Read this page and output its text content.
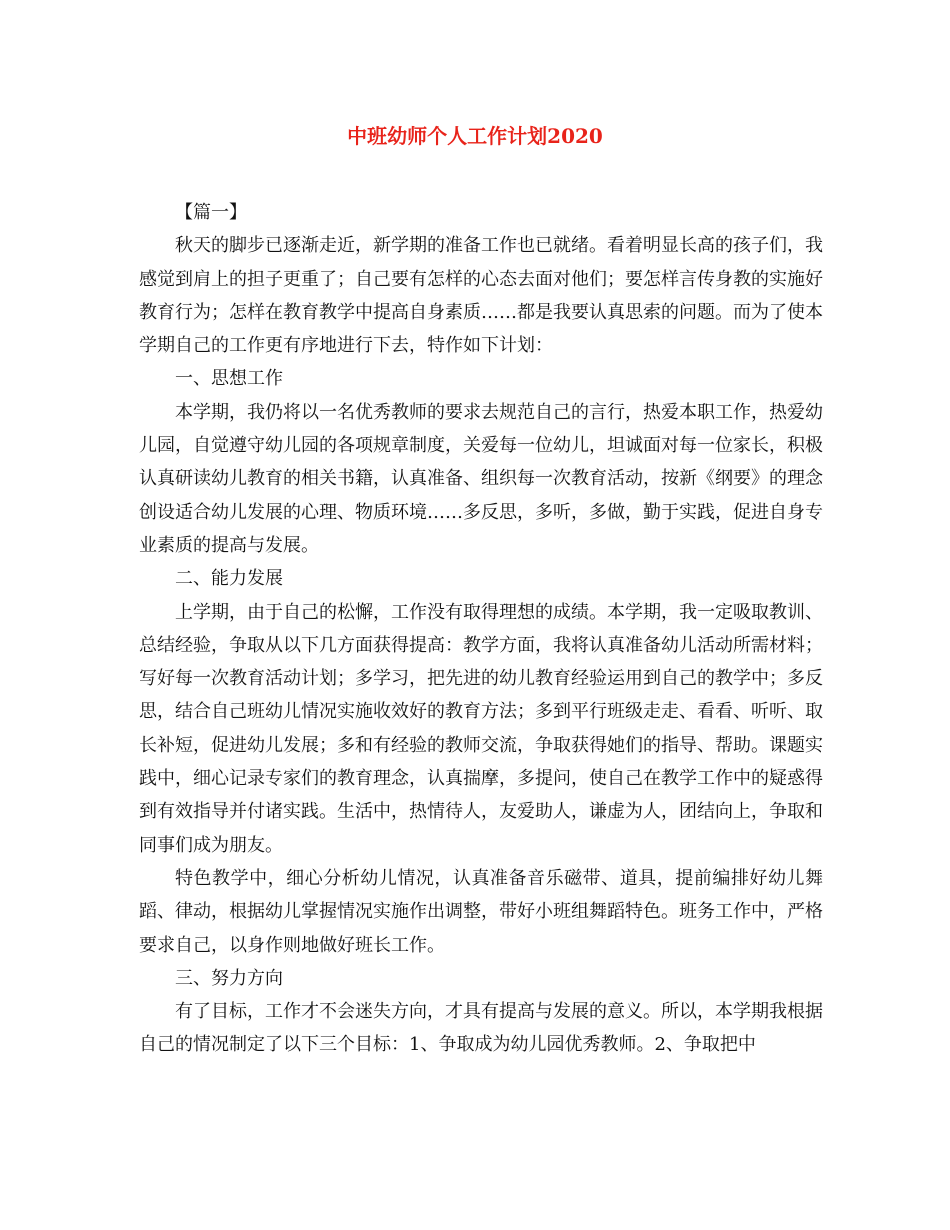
中班幼师个人工作计划2020

【篇一】

秋天的脚步已逐渐走近，新学期的准备工作也已就绪。看着明显长高的孩子们，我感觉到肩上的担子更重了；自己要有怎样的心态去面对他们；要怎样言传身教的实施好教育行为；怎样在教育教学中提高自身素质……都是我要认真思索的问题。而为了使本学期自己的工作更有序地进行下去，特作如下计划：

一、思想工作

本学期，我仍将以一名优秀教师的要求去规范自己的言行，热爱本职工作，热爱幼儿园，自觉遵守幼儿园的各项规章制度，关爱每一位幼儿，坦诚面对每一位家长，积极认真研读幼儿教育的相关书籍，认真准备、组织每一次教育活动，按新《纲要》的理念创设适合幼儿发展的心理、物质环境……多反思，多听，多做，勤于实践，促进自身专业素质的提高与发展。

二、能力发展

上学期，由于自己的松懈，工作没有取得理想的成绩。本学期，我一定吸取教训、总结经验，争取从以下几方面获得提高：教学方面，我将认真准备幼儿活动所需材料；写好每一次教育活动计划；多学习，把先进的幼儿教育经验运用到自己的教学中；多反思，结合自己班幼儿情况实施收效好的教育方法；多到平行班级走走、看看、听听、取长补短，促进幼儿发展；多和有经验的教师交流，争取获得她们的指导、帮助。课题实践中，细心记录专家们的教育理念，认真揣摩，多提问，使自己在教学工作中的疑惑得到有效指导并付诸实践。生活中，热情待人，友爱助人，谦虚为人，团结向上，争取和同事们成为朋友。

特色教学中，细心分析幼儿情况，认真准备音乐磁带、道具，提前编排好幼儿舞蹈、律动，根据幼儿掌握情况实施作出调整，带好小班组舞蹈特色。班务工作中，严格要求自己，以身作则地做好班长工作。

三、努力方向

有了目标，工作才不会迷失方向，才具有提高与发展的意义。所以，本学期我根据自己的情况制定了以下三个目标：1、争取成为幼儿园优秀教师。2、争取把中
